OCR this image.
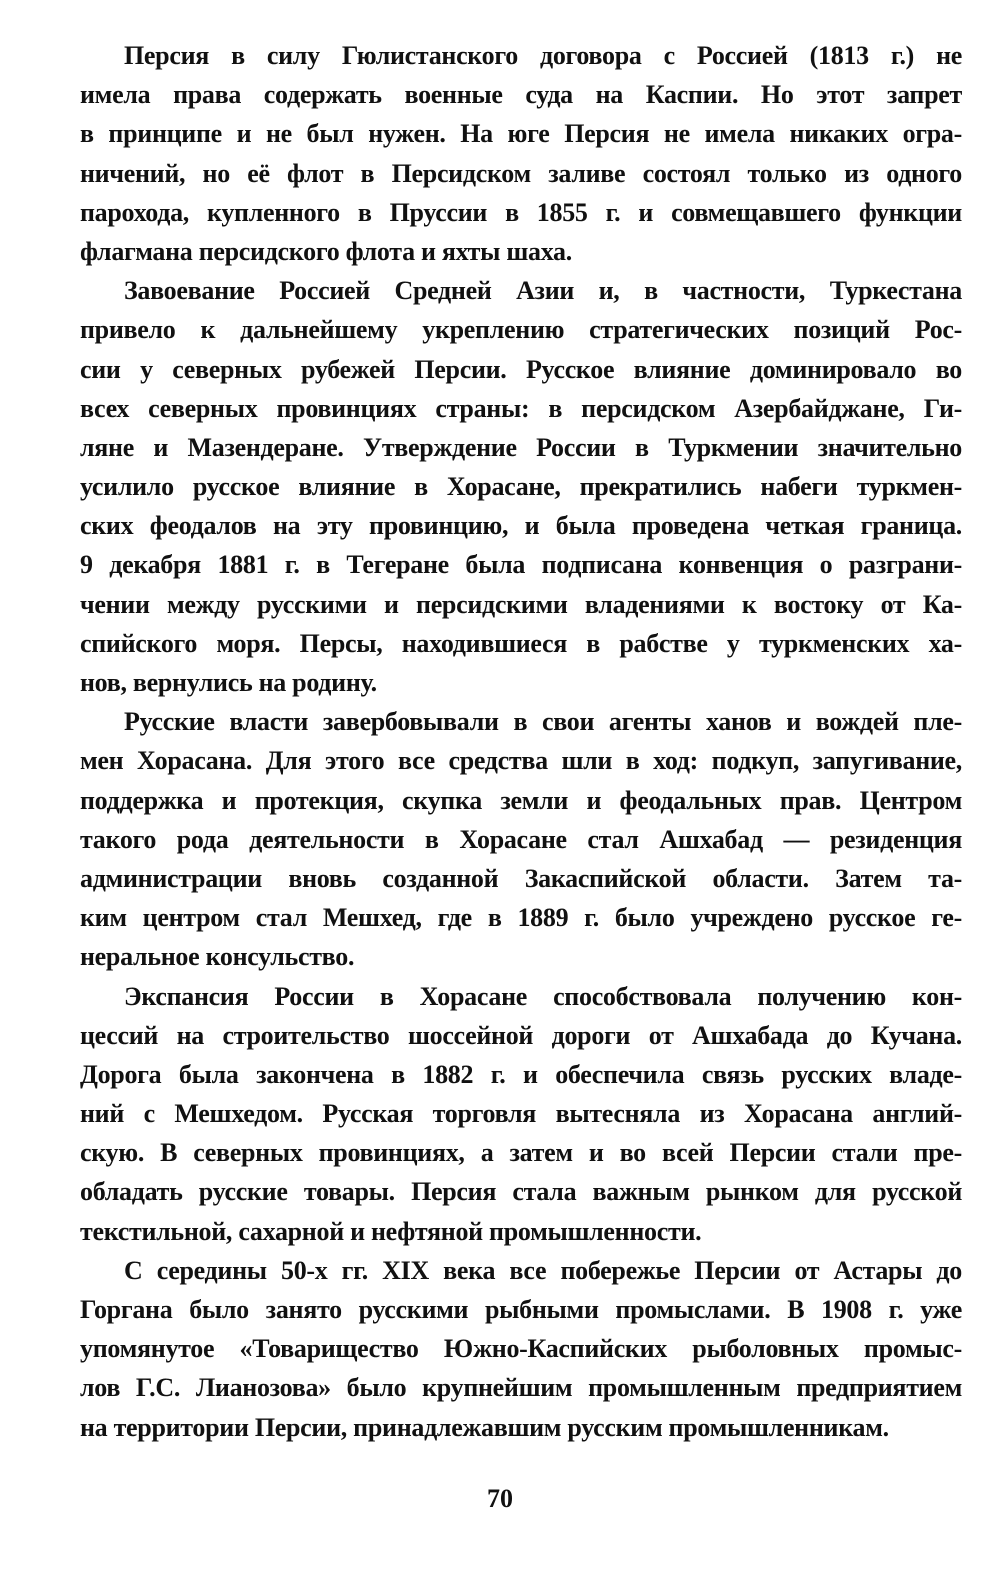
Персия в силу Гюлистанского договора с Россией (1813 г.) не
имела права содержать военные суда на Каспии. Но этот запрет
в принципе и не был нужен. На юге Персия не имела никаких огра-
ничений, но её флот в Персидском заливе состоял только из одного
парохода, купленного в Пруссии в 1855 г. и совмещавшего функции
флагмана персидского флота и яхты шаха.
Завоевание Россией Средней Азии и, в частности, Туркестана
привело к дальнейшему укреплению стратегических позиций Рос-
сии у северных рубежей Персии. Русское влияние доминировало во
всех северных провинциях страны: в персидском Азербайджане, Ги-
ляне и Мазендеране. Утверждение России в Туркмении значительно
усилило русское влияние в Хорасане, прекратились набеги туркмен-
ских феодалов на эту провинцию, и была проведена четкая граница.
9 декабря 1881 г. в Тегеране была подписана конвенция о разграни-
чении между русскими и персидскими владениями к востоку от Ка-
спийского моря. Персы, находившиеся в рабстве у туркменских ха-
нов, вернулись на родину.
Русские власти завербовывали в свои агенты ханов и вождей пле-
мен Хорасана. Для этого все средства шли в ход: подкуп, запугивание,
поддержка и протекция, скупка земли и феодальных прав. Центром
такого рода деятельности в Хорасане стал Ашхабад — резиденция
администрации вновь созданной Закаспийской области. Затем та-
ким центром стал Мешхед, где в 1889 г. было учреждено русское ге-
неральное консульство.
Экспансия России в Хорасане способствовала получению кон-
цессий на строительство шоссейной дороги от Ашхабада до Кучана.
Дорога была закончена в 1882 г. и обеспечила связь русских владе-
ний с Мешхедом. Русская торговля вытесняла из Хорасана англий-
скую. В северных провинциях, а затем и во всей Персии стали пре-
обладать русские товары. Персия стала важным рынком для русской
текстильной, сахарной и нефтяной промышленности.
С середины 50-х гг. XIX века все побережье Персии от Астары до
Горгана было занято русскими рыбными промыслами. В 1908 г. уже
упомянутое «Товарищество Южно-Каспийских рыболовных промыс-
лов Г.С. Лианозова» было крупнейшим промышленным предприятием
на территории Персии, принадлежавшим русским промышленникам.
70
